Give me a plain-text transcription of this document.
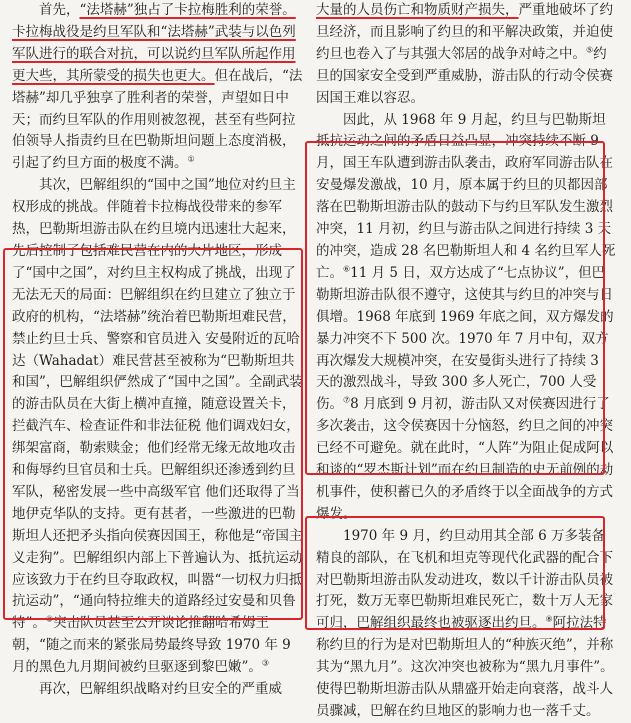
首先，“法塔赫”独占了卡拉梅胜利的荣誉。卡拉梅战役是约旦军队和“法塔赫”武装与以色列军队进行的联合对抗，可以说约旦军队所起作用更大些，其所蒙受的损失也更大。但在战后，“法塔赫”却几乎独享了胜利者的荣誉，声望如日中天；而约旦军队的作用则被忽视，甚至有些阿拉伯领导人指责约旦在巴勒斯坦问题上态度消极，引起了约旦方面的极度不满。①

其次，巴解组织的“国中之国”地位对约旦主权形成的挑战。伴随着卡拉梅战役带来的参军热，巴勒斯坦游击队在约旦境内迅速壮大起来，先后控制了包括难民营在内的大片地区，形成了“国中之国”，对约旦主权构成了挑战，出现了无法无天的局面：巴解组织在约旦建立了独立于政府的机构，“法塔赫”统治着巴勒斯坦难民营，禁止约旦士兵、警察和官员进入 安曼附近的瓦哈达（Wahadat）难民营甚至被称为“巴勒斯坦共和国”，巴解组织俨然成了“国中之国”。全副武装的游击队员在大街上横冲直撞，随意设置关卡，拦截汽车、检查证件和非法征税 他们调戏妇女，绑架富商，勒索赎金；他们经常无缘无故地攻击和侮辱约旦官员和士兵。巴解组织还渗透到约旦军队，秘密发展一些中高级军官 他们还取得了当地伊克华队的支持。更有甚者，一些激进的巴勒斯坦人还把矛头指向侯赛因国王，称他是“帝国主义走狗”。巴解组织内部上下普遍认为、抵抗运动应该致力于在约旦夺取政权，叫嚣“一切权力归抵抗运动”，“通向特拉维夫的道路经过安曼和贝鲁特”。②突击队员甚至公开谈论推翻哈希姆王朝，“随之而来的紧张局势最终导致 1970 年 9 月的黑色九月期间被约旦驱逐到黎巴嫩”。③

再次，巴解组织战略对约旦安全的严重威

大量的人员伤亡和物质财产损失，严重地破坏了约旦经济，而且影响了约旦的和平解决政策，并迫使约旦也卷入了与其强大邻居的战争对峙之中。⑤约旦的国家安全受到严重威胁，游击队的行动令侯赛因国王难以容忍。

因此，从 1968 年 9 月起，约旦与巴勒斯坦抵抗运动之间的矛盾日益凸显，冲突持续不断 9 月，国王车队遭到游击队袭击，政府军同游击队在安曼爆发激战，10 月，原本属于约旦的贝都因部落在巴勒斯坦游击队的鼓动下与约旦军队发生激烈冲突，11 月初，约旦与游击队之间进行持续 3 天的冲突，造成 28 名巴勒斯坦人和 4 名约旦军人死亡。⑥11 月 5 日，双方达成了“七点协议”，但巴勒斯坦游击队很不遵守，这使其与约旦的冲突与日俱增。1968 年底到 1969 年底之间，双方爆发的暴力冲突不下 500 次。1970 年 7 月中旬，双方再次爆发大规模冲突，在安曼街头进行了持续 3 天的激烈战斗，导致 300 多人死亡，700 人受伤。⑦8 月底到 9 月初，游击队又对侯赛因进行了多次袭击，这令侯赛因十分恼怒，约旦之间的冲突已经不可避免。就在此时，“人阵”为阻止促成阿以和谈的“罗杰斯计划”而在约旦制造的史无前例的劫机事件，使积蓄已久的矛盾终于以全面战争的方式爆发。

1970 年 9 月，约旦动用其全部 6 万多装备精良的部队，在飞机和坦克等现代化武器的配合下对巴勒斯坦游击队发动进攻，数以千计游击队员被打死，数万无辜巴勒斯坦难民死亡，数十万人无家可归，巴解组织最终也被驱逐出约旦。⑧阿拉法特称约旦的行为是对巴勒斯坦人的“种族灭绝”，并称其为“黑九月”。这次冲突也被称为“黑九月事件”。使得巴勒斯坦游击队从鼎盛开始走向衰落，战斗人员骤减，巴解在约旦地区的影响力也一落千丈。
